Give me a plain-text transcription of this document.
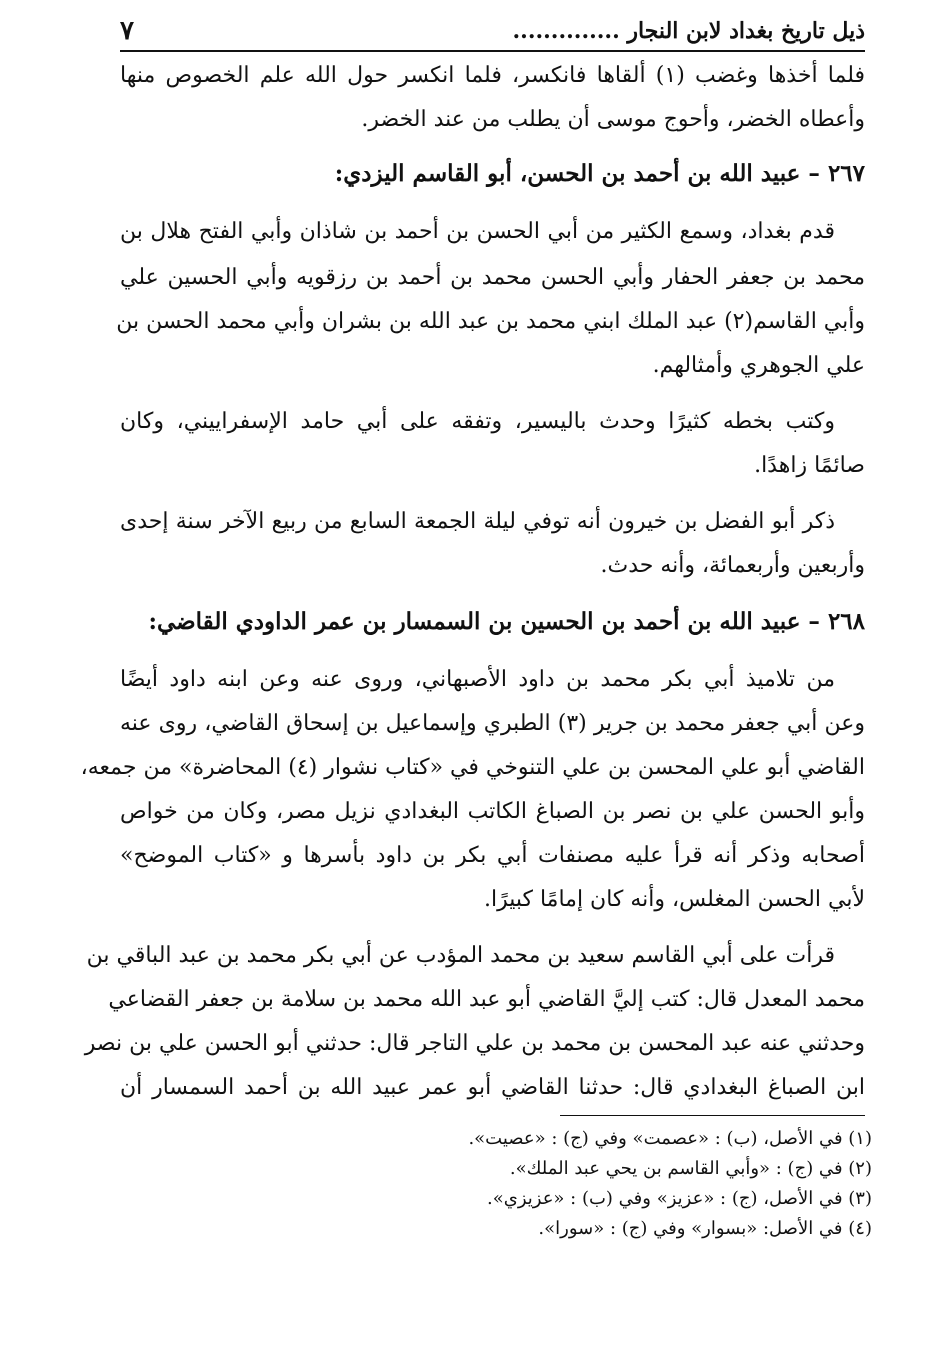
ذيل تاريخ بغداد لابن النجار ..............
٧
فلما أخذها وغضب (١) ألقاها فانكسر، فلما انكسر حول الله علم الخصوص منها
وأعطاه الخضر، وأحوج موسى أن يطلب من عند الخضر.
٢٦٧ – عبيد الله بن أحمد بن الحسن، أبو القاسم اليزدي:
قدم بغداد، وسمع الكثير من أبي الحسن بن أحمد بن شاذان وأبي الفتح هلال بن
محمد بن جعفر الحفار وأبي الحسن محمد بن أحمد بن رزقويه وأبي الحسين علي
وأبي القاسم(٢) عبد الملك ابني محمد بن عبد الله بن بشران وأبي محمد الحسن بن
علي الجوهري وأمثالهم.
وكتب بخطه كثيرًا وحدث باليسير، وتفقه على أبي حامد الإسفراييني، وكان
صائمًا زاهدًا.
ذكر أبو الفضل بن خيرون أنه توفي ليلة الجمعة السابع من ربيع الآخر سنة إحدى
وأربعين وأربعمائة، وأنه حدث.
٢٦٨ – عبيد الله بن أحمد بن الحسين بن السمسار بن عمر الداودي القاضي:
من تلاميذ أبي بكر محمد بن داود الأصبهاني، وروى عنه وعن ابنه داود أيضًا
وعن أبي جعفر محمد بن جرير (٣) الطبري وإسماعيل بن إسحاق القاضي، روى عنه
القاضي أبو علي المحسن بن علي التنوخي في «كتاب نشوار (٤) المحاضرة» من جمعه،
وأبو الحسن علي بن نصر بن الصباغ الكاتب البغدادي نزيل مصر، وكان من خواص
أصحابه وذكر أنه قرأ عليه مصنفات أبي بكر بن داود بأسرها و «كتاب الموضح»
لأبي الحسن المغلس، وأنه كان إمامًا كبيرًا.
قرأت على أبي القاسم سعيد بن محمد المؤدب عن أبي بكر محمد بن عبد الباقي بن
محمد المعدل قال: كتب إليَّ القاضي أبو عبد الله محمد بن سلامة بن جعفر القضاعي
وحدثني عنه عبد المحسن بن محمد بن علي التاجر قال: حدثني أبو الحسن علي بن نصر
ابن الصباغ البغدادي قال: حدثنا القاضي أبو عمر عبيد الله بن أحمد السمسار أن
(١) في الأصل، (ب) : «عصمت» وفي (ج) : «عصيت».
(٢) في (ج) : «وأبي القاسم بن يحي عبد الملك».
(٣) في الأصل، (ج) : «عزيز» وفي (ب) : «عزيزي».
(٤) في الأصل: «بسوار» وفي (ج) : «سورا».
